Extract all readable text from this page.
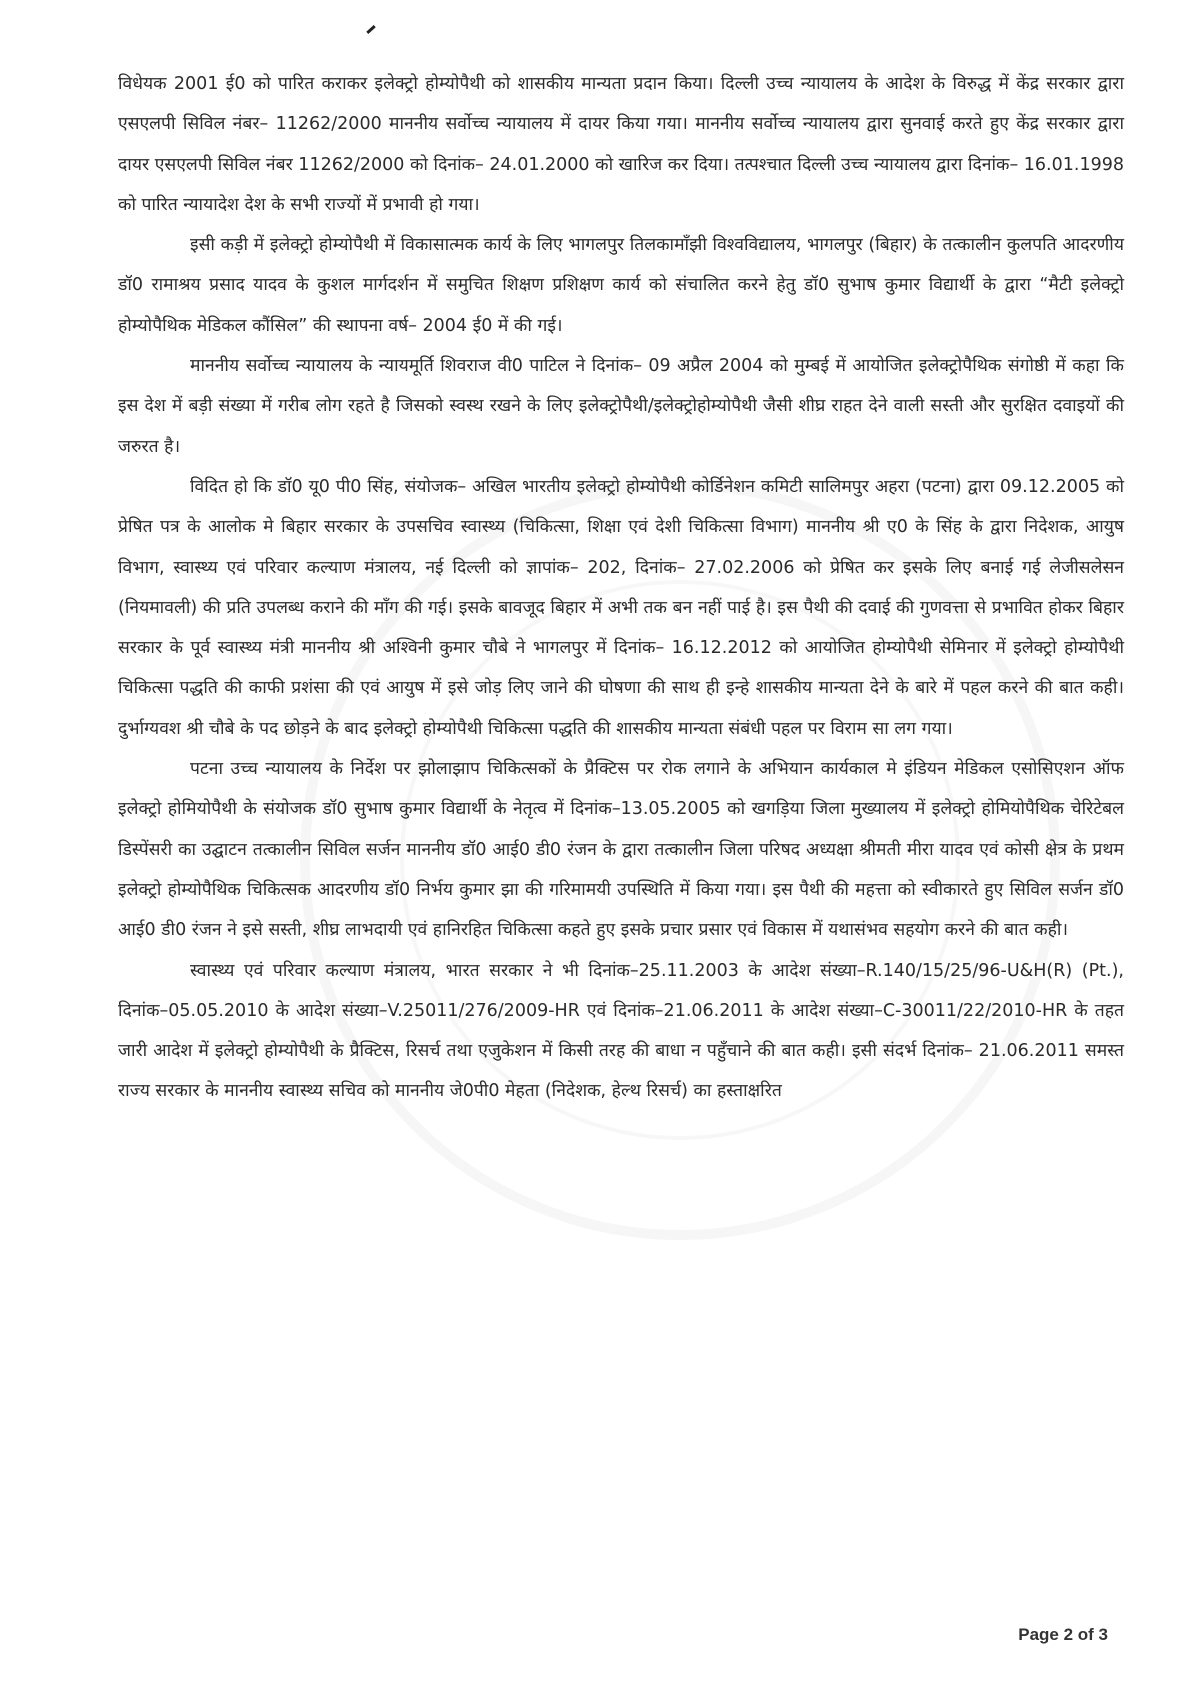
विधेयक 2001 ई0 को पारित कराकर इलेक्ट्रो होम्योपैथी को शासकीय मान्यता प्रदान किया। दिल्ली उच्च न्यायालय के आदेश के विरुद्ध में केंद्र सरकार द्वारा एसएलपी सिविल नंबर– 11262/2000 माननीय सर्वोच्च न्यायालय में दायर किया गया। माननीय सर्वोच्च न्यायालय द्वारा सुनवाई करते हुए केंद्र सरकार द्वारा दायर एसएलपी सिविल नंबर 11262/2000 को दिनांक– 24.01.2000 को खारिज कर दिया। तत्पश्चात दिल्ली उच्च न्यायालय द्वारा दिनांक– 16.01.1998 को पारित न्यायादेश देश के सभी राज्यों में प्रभावी हो गया।

इसी कड़ी में इलेक्ट्रो होम्योपैथी में विकासात्मक कार्य के लिए भागलपुर तिलकामाँझी विश्वविद्यालय, भागलपुर (बिहार) के तत्कालीन कुलपति आदरणीय डॉ0 रामाश्रय प्रसाद यादव के कुशल मार्गदर्शन में समुचित शिक्षण प्रशिक्षण कार्य को संचालित करने हेतु डॉ0 सुभाष कुमार विद्यार्थी के द्वारा “मैटी इलेक्ट्रो होम्योपैथिक मेडिकल कौंसिल” की स्थापना वर्ष– 2004 ई0 में की गई।

माननीय सर्वोच्च न्यायालय के न्यायमूर्ति शिवराज वी0 पाटिल ने दिनांक– 09 अप्रैल 2004 को मुम्बई में आयोजित इलेक्ट्रोपैथिक संगोष्ठी में कहा कि इस देश में बड़ी संख्या में गरीब लोग रहते है जिसको स्वस्थ रखने के लिए इलेक्ट्रोपैथी/इलेक्ट्रोहोम्योपैथी जैसी शीघ्र राहत देने वाली सस्ती और सुरक्षित दवाइयों की जरुरत है।

विदित हो कि डॉ0 यू0 पी0 सिंह, संयोजक– अखिल भारतीय इलेक्ट्रो होम्योपैथी कोर्डिनेशन कमिटी सालिमपुर अहरा (पटना) द्वारा 09.12.2005 को प्रेषित पत्र के आलोक मे बिहार सरकार के उपसचिव स्वास्थ्य (चिकित्सा, शिक्षा एवं देशी चिकित्सा विभाग) माननीय श्री ए0 के सिंह के द्वारा निदेशक, आयुष विभाग, स्वास्थ्य एवं परिवार कल्याण मंत्रालय, नई दिल्ली को ज्ञापांक– 202, दिनांक– 27.02.2006 को प्रेषित कर इसके लिए बनाई गई लेजीसलेसन (नियमावली) की प्रति उपलब्ध कराने की माँग की गई। इसके बावजूद बिहार में अभी तक बन नहीं पाई है। इस पैथी की दवाई की गुणवत्ता से प्रभावित होकर बिहार सरकार के पूर्व स्वास्थ्य मंत्री माननीय श्री अश्विनी कुमार चौबे ने भागलपुर में दिनांक– 16.12.2012 को आयोजित होम्योपैथी सेमिनार में इलेक्ट्रो होम्योपैथी चिकित्सा पद्धति की काफी प्रशंसा की एवं आयुष में इसे जोड़ लिए जाने की घोषणा की साथ ही इन्हे शासकीय मान्यता देने के बारे में पहल करने की बात कही। दुर्भाग्यवश श्री चौबे के पद छोड़ने के बाद इलेक्ट्रो होम्योपैथी चिकित्सा पद्धति की शासकीय मान्यता संबंधी पहल पर विराम सा लग गया।

पटना उच्च न्यायालय के निर्देश पर झोलाझाप चिकित्सकों के प्रैक्टिस पर रोक लगाने के अभियान कार्यकाल मे इंडियन मेडिकल एसोसिएशन ऑफ इलेक्ट्रो होमियोपैथी के संयोजक डॉ0 सुभाष कुमार विद्यार्थी के नेतृत्व में दिनांक–13.05.2005 को खगड़िया जिला मुख्यालय में इलेक्ट्रो होमियोपैथिक चेरिटेबल डिस्पेंसरी का उद्घाटन तत्कालीन सिविल सर्जन माननीय डॉ0 आई0 डी0 रंजन के द्वारा तत्कालीन जिला परिषद अध्यक्षा श्रीमती मीरा यादव एवं कोसी क्षेत्र के प्रथम इलेक्ट्रो होम्योपैथिक चिकित्सक आदरणीय डॉ0 निर्भय कुमार झा की गरिमामयी उपस्थिति में किया गया। इस पैथी की महत्ता को स्वीकारते हुए सिविल सर्जन डॉ0 आई0 डी0 रंजन ने इसे सस्ती, शीघ्र लाभदायी एवं हानिरहित चिकित्सा कहते हुए इसके प्रचार प्रसार एवं विकास में यथासंभव सहयोग करने की बात कही।

स्वास्थ्य एवं परिवार कल्याण मंत्रालय, भारत सरकार ने भी दिनांक–25.11.2003 के आदेश संख्या–R.140/15/25/96-U&H(R) (Pt.), दिनांक–05.05.2010 के आदेश संख्या–V.25011/276/2009-HR एवं दिनांक–21.06.2011 के आदेश संख्या–C-30011/22/2010-HR के तहत जारी आदेश में इलेक्ट्रो होम्योपैथी के प्रैक्टिस, रिसर्च तथा एजुकेशन में किसी तरह की बाधा न पहुँचाने की बात कही। इसी संदर्भ दिनांक– 21.06.2011 समस्त राज्य सरकार के माननीय स्वास्थ्य सचिव को माननीय जे0पी0 मेहता (निदेशक, हेल्थ रिसर्च) का हस्ताक्षरित

Page 2 of 3
